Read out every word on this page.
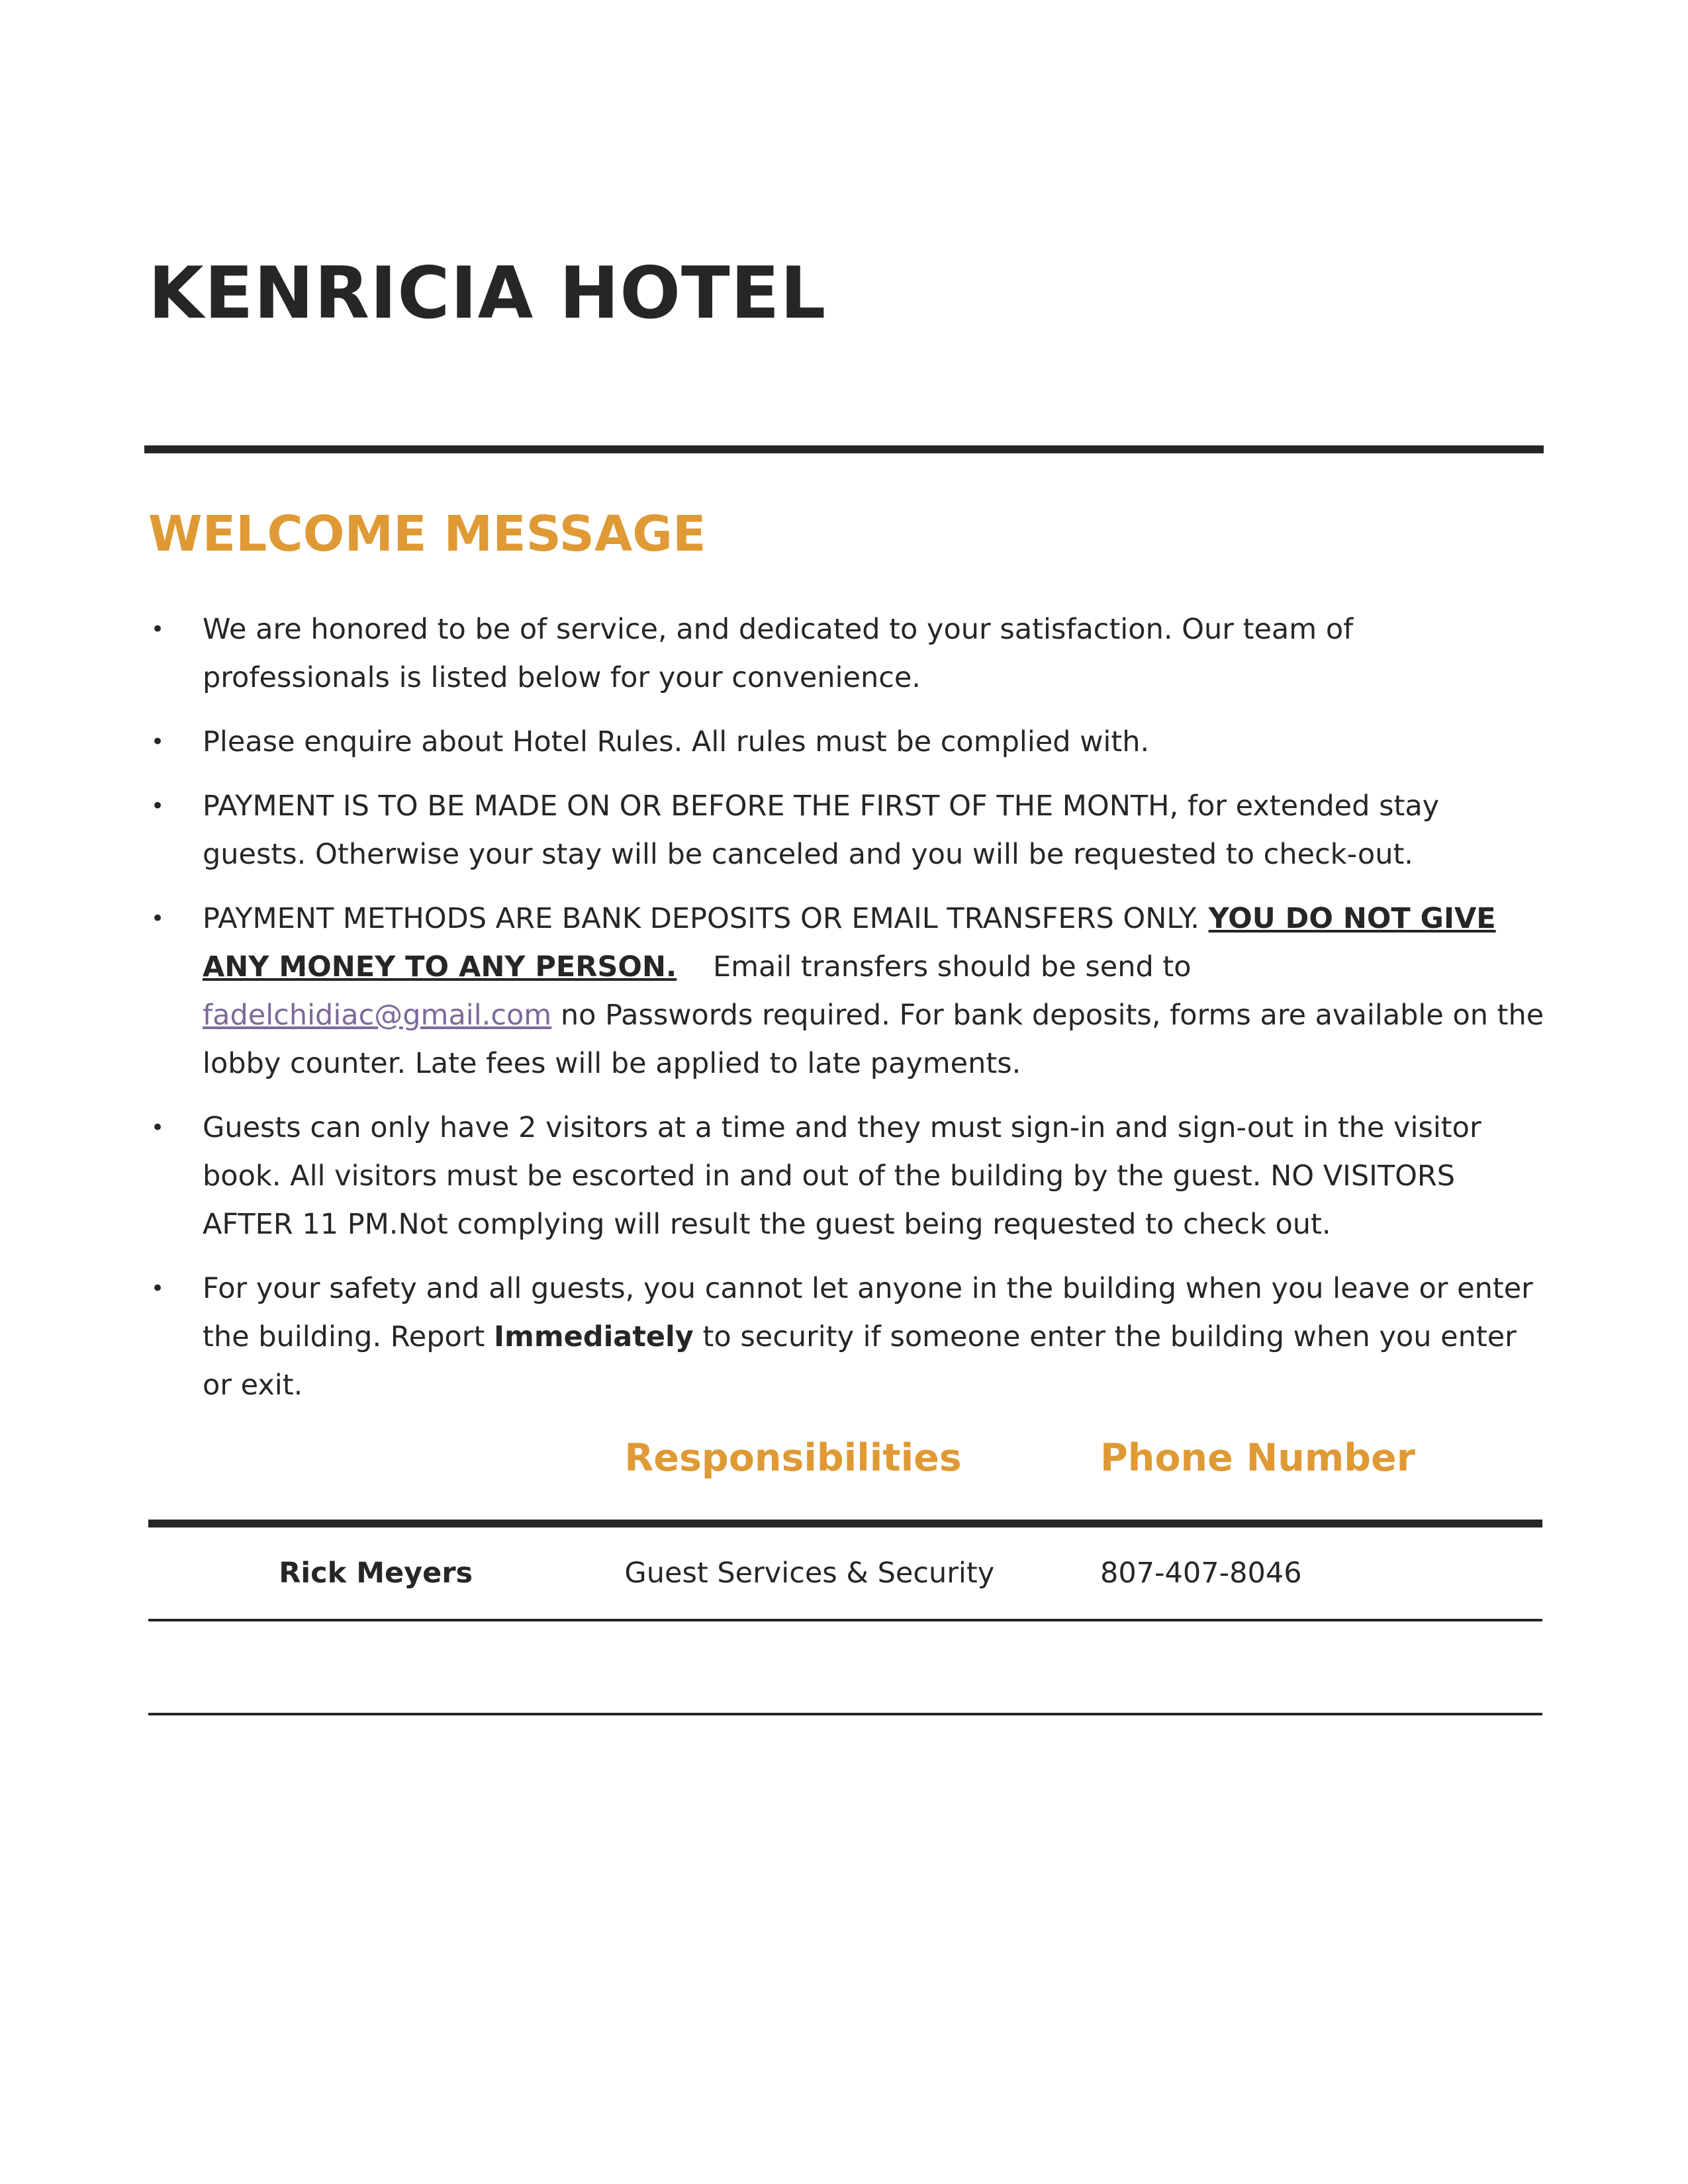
KENRICIA HOTEL
WELCOME MESSAGE
• We are honored to be of service, and dedicated to your satisfaction. Our team of professionals is listed below for your convenience.
• Please enquire about Hotel Rules. All rules must be complied with.
• PAYMENT IS TO BE MADE ON OR BEFORE THE FIRST OF THE MONTH, for extended stay guests. Otherwise your stay will be canceled and you will be requested to check-out.
• PAYMENT METHODS ARE BANK DEPOSITS OR EMAIL TRANSFERS ONLY. YOU DO NOT GIVE ANY MONEY TO ANY PERSON.    Email transfers should be send to fadelchidiac@gmail.com no Passwords required. For bank deposits, forms are available on the lobby counter. Late fees will be applied to late payments.
• Guests can only have 2 visitors at a time and they must sign-in and sign-out in the visitor book. All visitors must be escorted in and out of the building by the guest. NO VISITORS AFTER 11 PM.Not complying will result the guest being requested to check out.
• For your safety and all guests, you cannot let anyone in the building when you leave or enter the building. Report Immediately to security if someone enter the building when you enter or exit.
	Responsibilities	Phone Number
Rick Meyers	Guest Services & Security	807-407-8046
